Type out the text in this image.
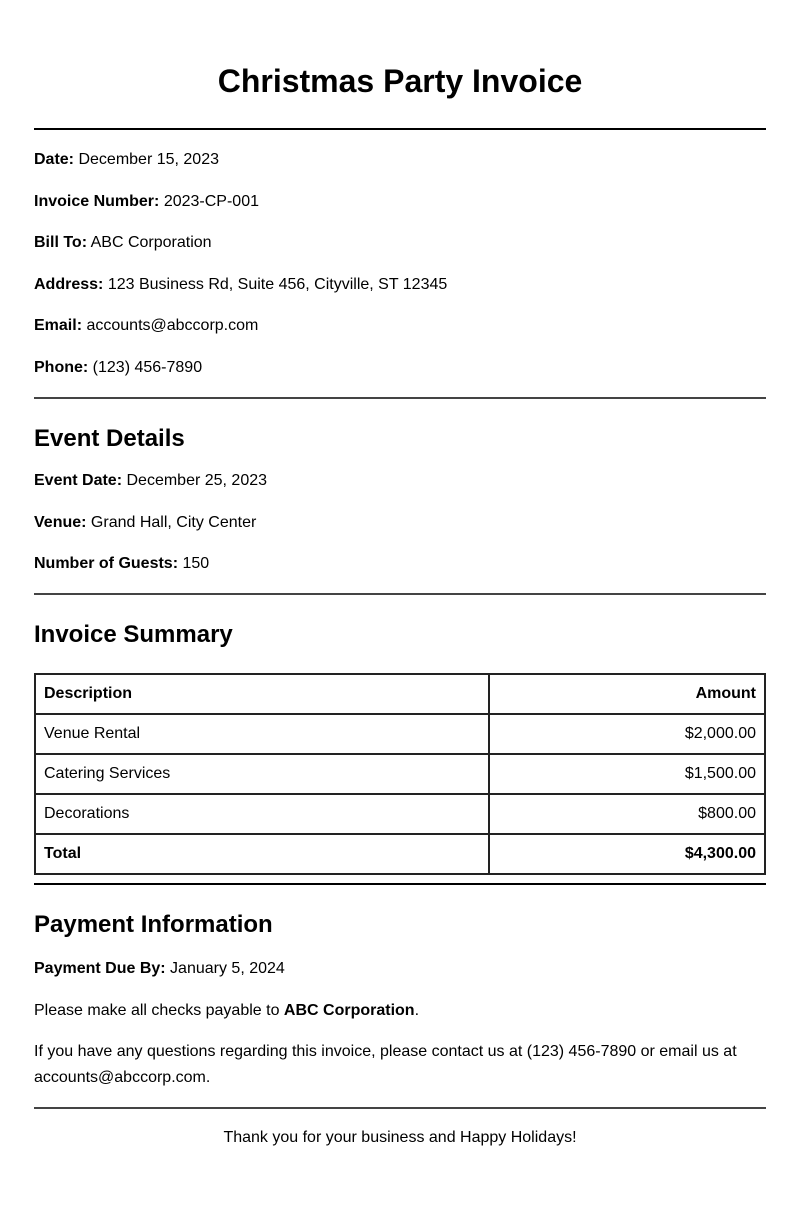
Christmas Party Invoice

Date: December 15, 2023

Invoice Number: 2023-CP-001

Bill To: ABC Corporation

Address: 123 Business Rd, Suite 456, Cityville, ST 12345

Email: accounts@abccorp.com

Phone: (123) 456-7890

Event Details

Event Date: December 25, 2023

Venue: Grand Hall, City Center

Number of Guests: 150

Invoice Summary
Description	Amount
Venue Rental	$2,000.00
Catering Services	$1,500.00
Decorations	$800.00
Total	$4,300.00
Payment Information

Payment Due By: January 5, 2024

Please make all checks payable to ABC Corporation.

If you have any questions regarding this invoice, please contact us at (123) 456-7890 or email us at accounts@abccorp.com.

Thank you for your business and Happy Holidays!
